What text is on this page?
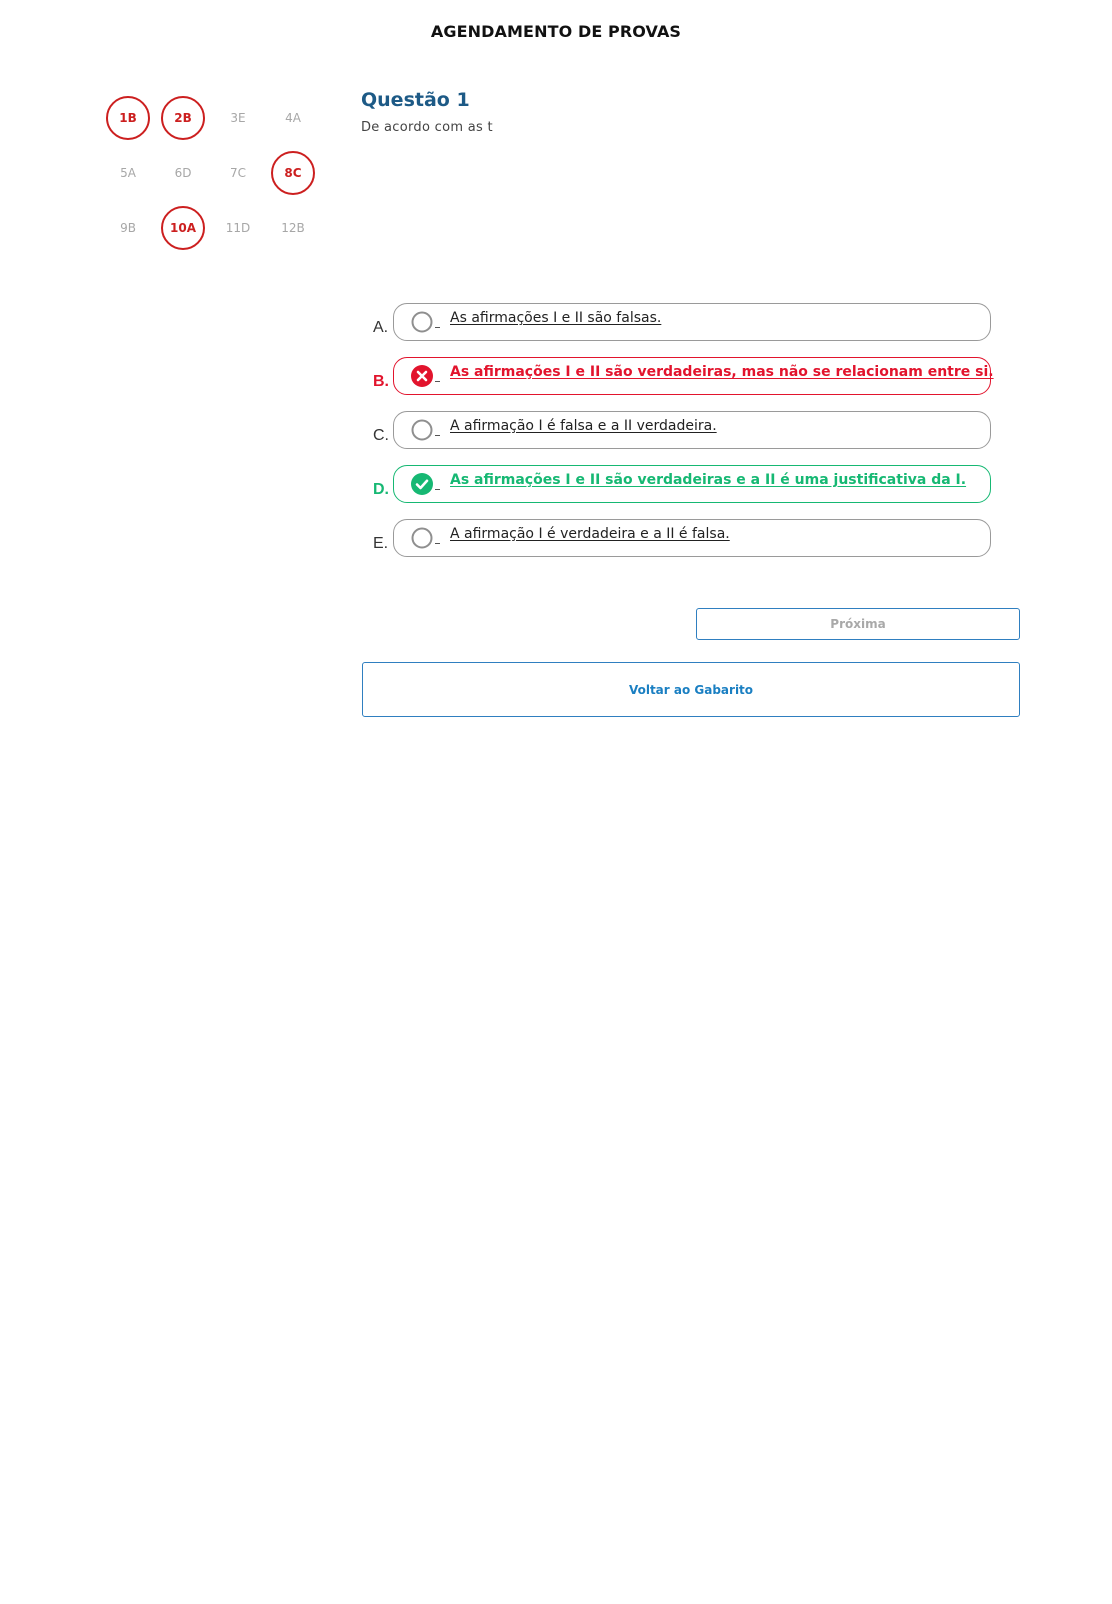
AGENDAMENTO DE PROVAS
1B	2B	3E	4A
5A	6D	7C	8C
9B	10A	11D	12B
Questão 1
De acordo com as t
A.
As afirmações I e II são falsas.
B.
As afirmações I e II são verdadeiras, mas não se relacionam entre si.
C.
A afirmação I é falsa e a II verdadeira.
D.
As afirmações I e II são verdadeiras e a II é uma justificativa da I.
E.
A afirmação I é verdadeira e a II é falsa.
Próxima
Voltar ao Gabarito
